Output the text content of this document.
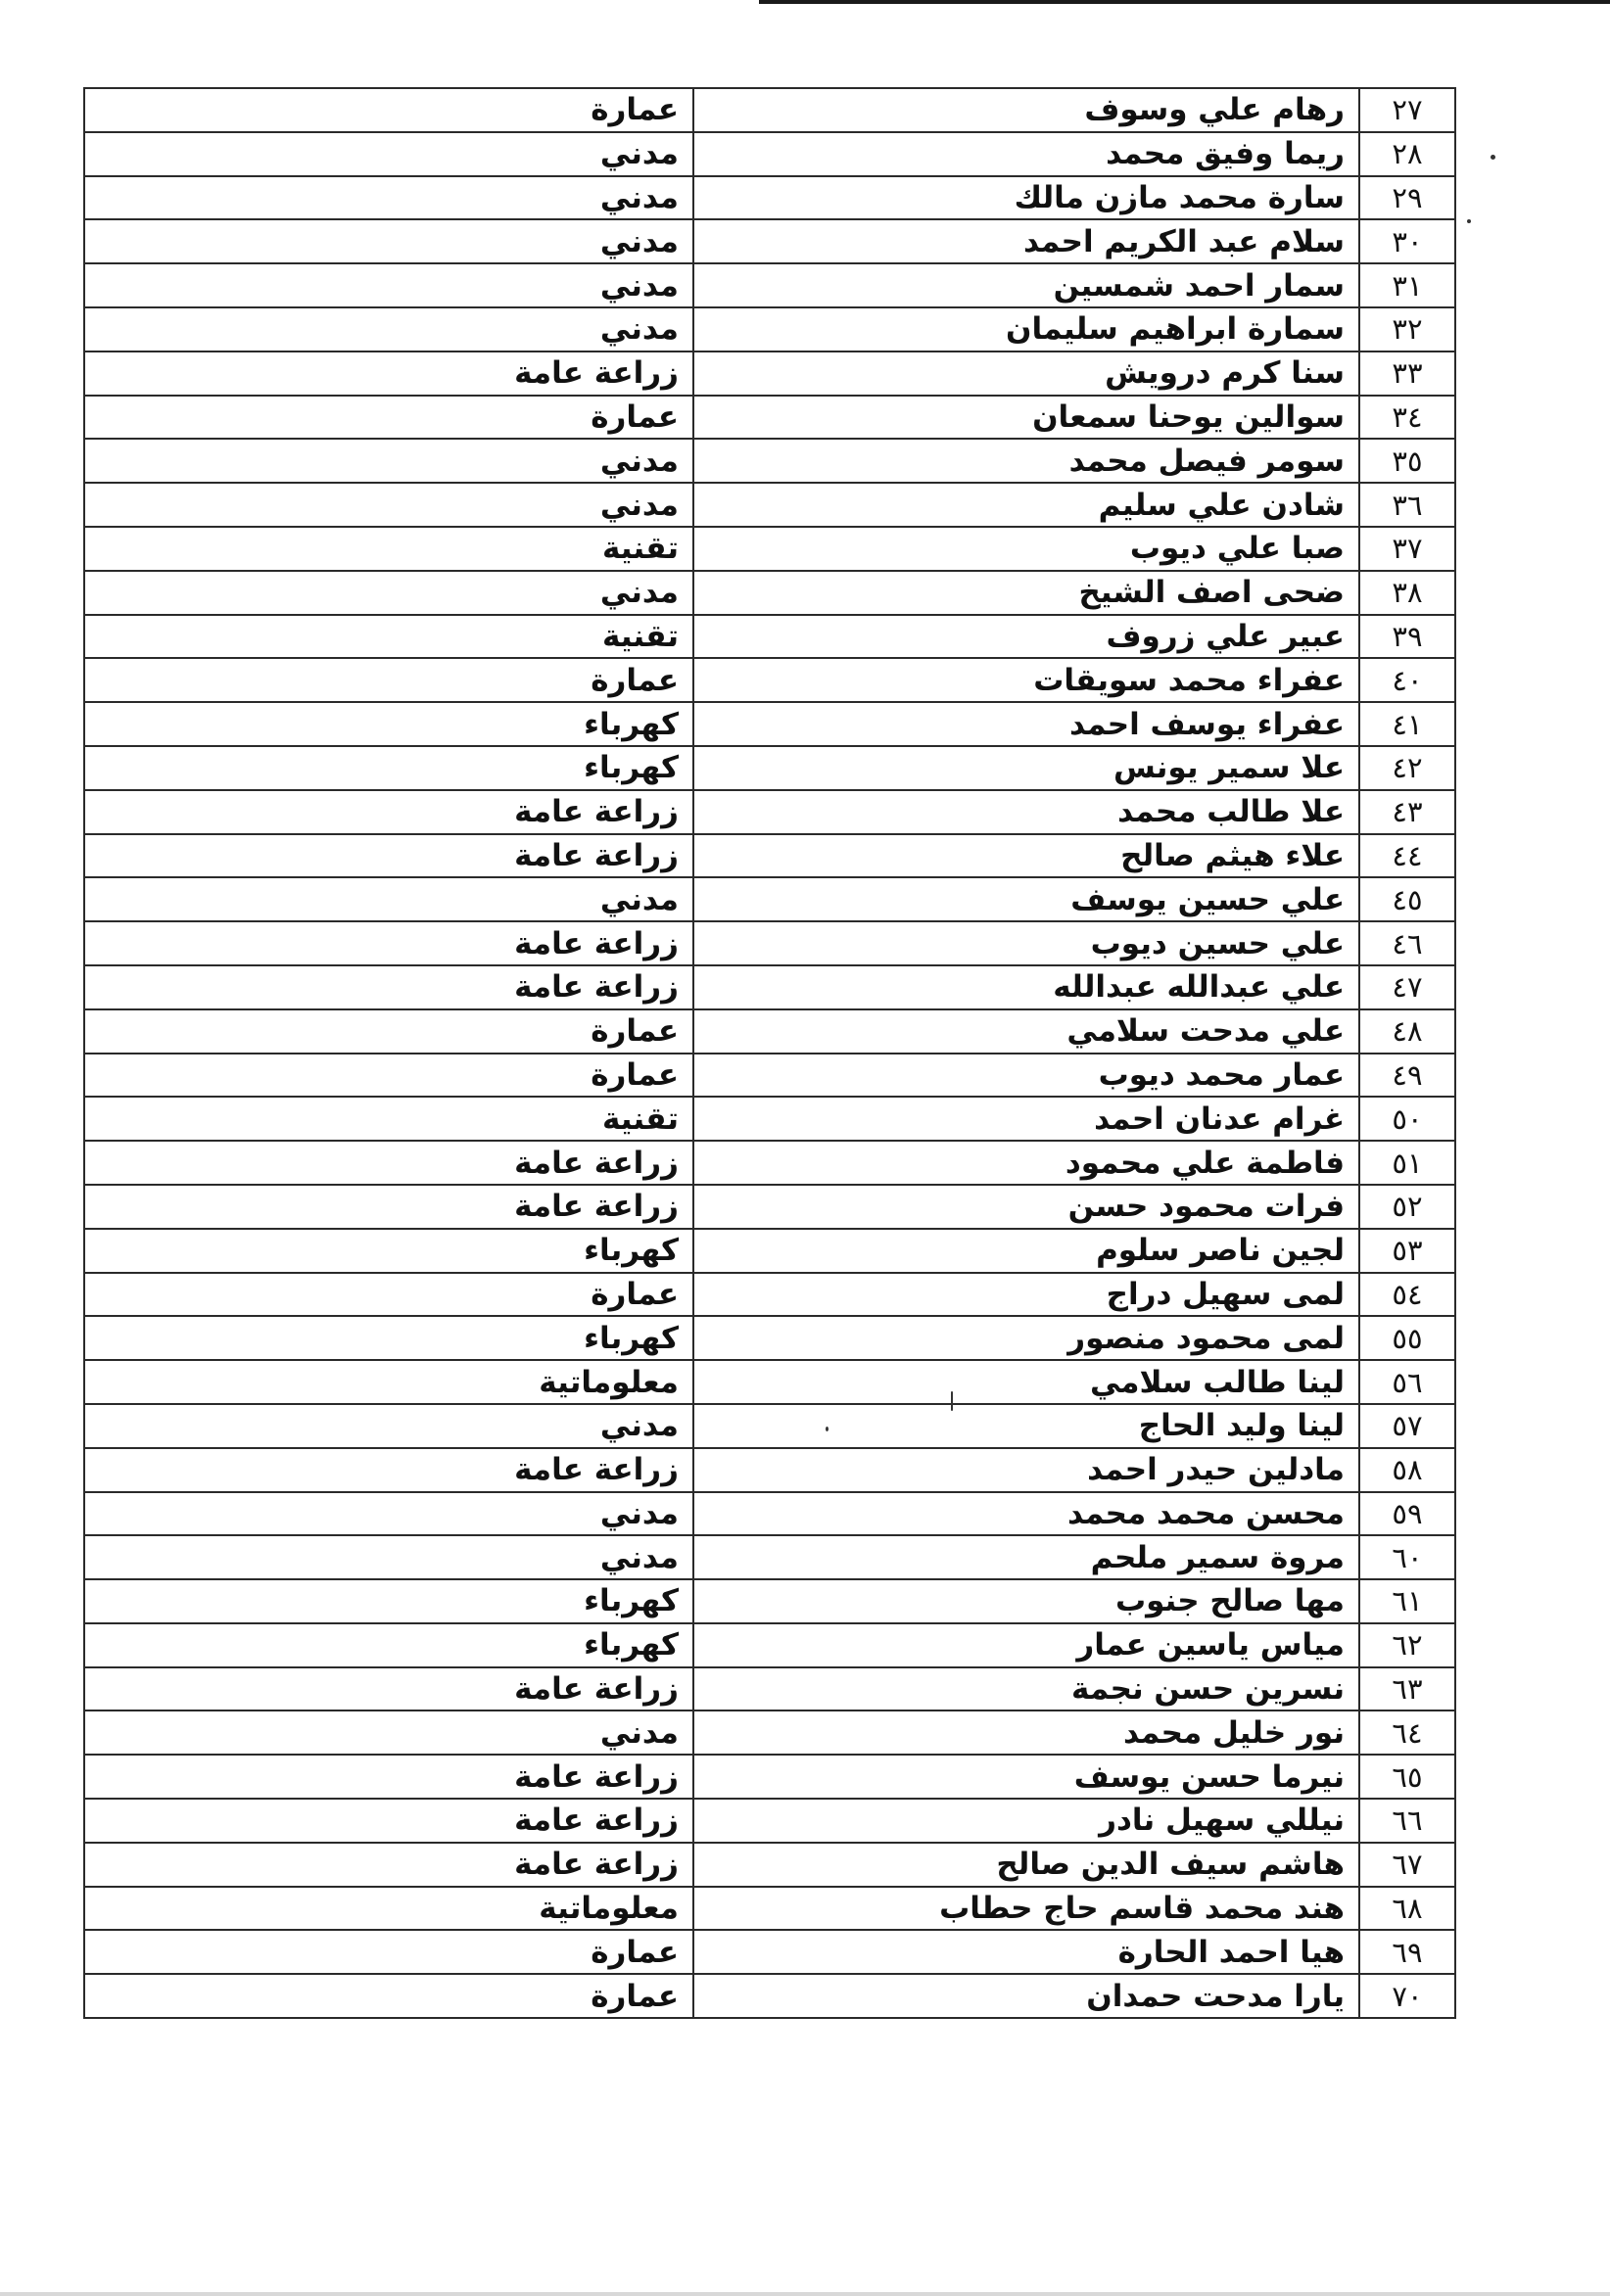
٢٧	رهام علي وسوف	عمارة
٢٨	ريما وفيق محمد	مدني
٢٩	سارة محمد مازن مالك	مدني
٣٠	سلام عبد الكريم احمد	مدني
٣١	سمار احمد شمسين	مدني
٣٢	سمارة ابراهيم سليمان	مدني
٣٣	سنا كرم درويش	زراعة عامة
٣٤	سوالين يوحنا سمعان	عمارة
٣٥	سومر فيصل محمد	مدني
٣٦	شادن علي سليم	مدني
٣٧	صبا علي ديوب	تقنية
٣٨	ضحى اصف الشيخ	مدني
٣٩	عبير علي زروف	تقنية
٤٠	عفراء محمد سويقات	عمارة
٤١	عفراء يوسف احمد	كهرباء
٤٢	علا سمير يونس	كهرباء
٤٣	علا طالب محمد	زراعة عامة
٤٤	علاء هيثم صالح	زراعة عامة
٤٥	علي حسين يوسف	مدني
٤٦	علي حسين ديوب	زراعة عامة
٤٧	علي عبدالله عبدالله	زراعة عامة
٤٨	علي مدحت سلامي	عمارة
٤٩	عمار محمد ديوب	عمارة
٥٠	غرام عدنان احمد	تقنية
٥١	فاطمة علي محمود	زراعة عامة
٥٢	فرات محمود حسن	زراعة عامة
٥٣	لجين ناصر سلوم	كهرباء
٥٤	لمى سهيل دراج	عمارة
٥٥	لمى محمود منصور	كهرباء
٥٦	لينا طالب سلامي	معلوماتية
٥٧	لينا وليد الحاج	مدني
٥٨	مادلين حيدر احمد	زراعة عامة
٥٩	محسن محمد محمد	مدني
٦٠	مروة سمير ملحم	مدني
٦١	مها صالح جنوب	كهرباء
٦٢	مياس ياسين عمار	كهرباء
٦٣	نسرين حسن نجمة	زراعة عامة
٦٤	نور خليل محمد	مدني
٦٥	نيرما حسن يوسف	زراعة عامة
٦٦	نيللي سهيل نادر	زراعة عامة
٦٧	هاشم سيف الدين صالح	زراعة عامة
٦٨	هند محمد قاسم حاج حطاب	معلوماتية
٦٩	هيا احمد الحارة	عمارة
٧٠	يارا مدحت حمدان	عمارة
